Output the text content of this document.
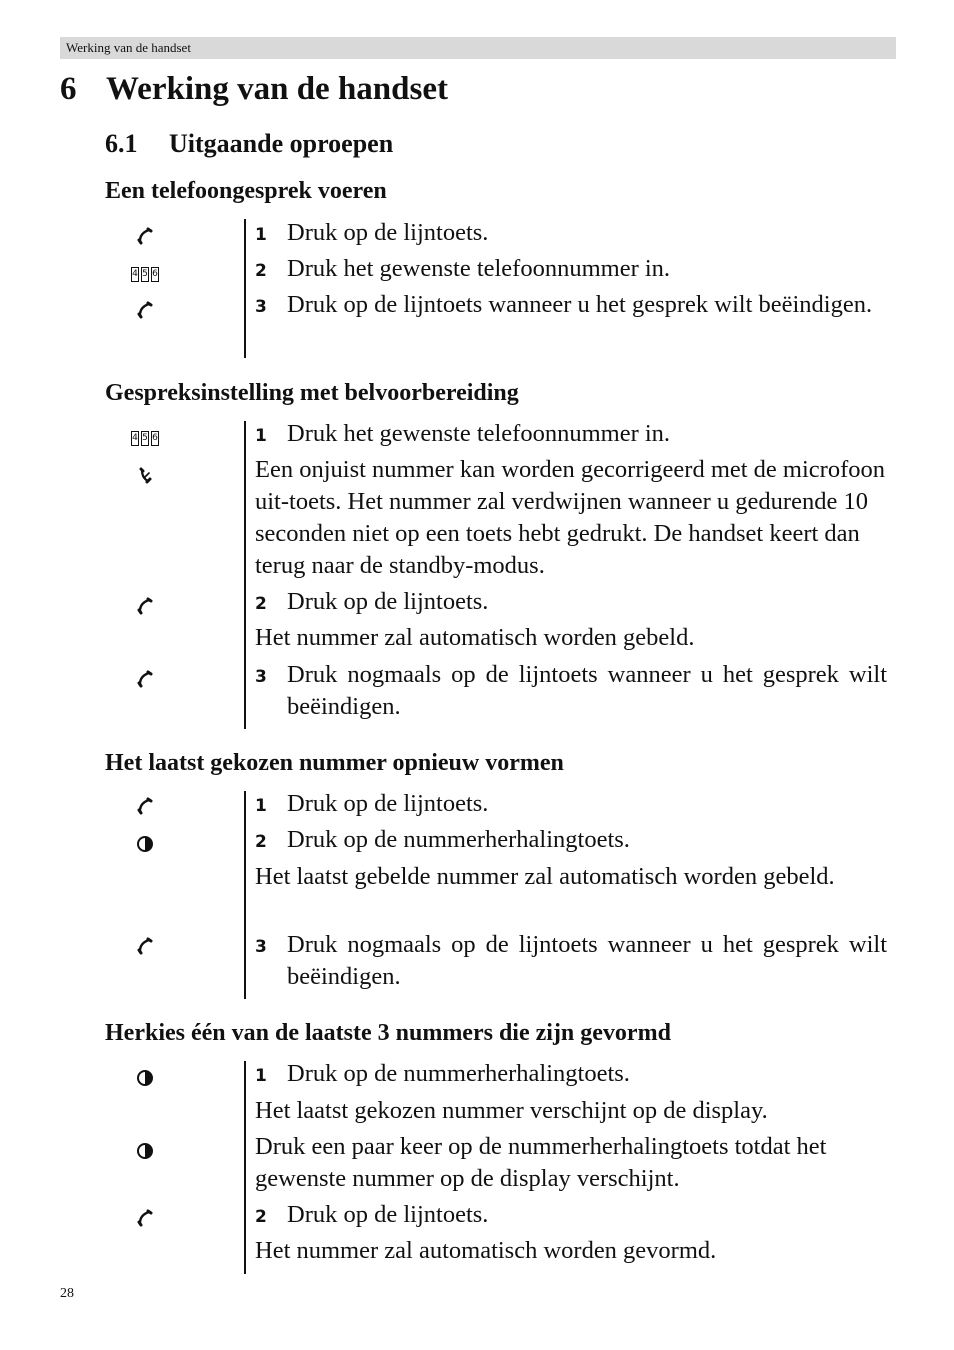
Werking van de handset
6 Werking van de handset
6.1 Uitgaande oproepen
Een telefoongesprek voeren
4 5 6
1 Druk op de lijntoets.
2 Druk het gewenste telefoonnummer in.
3 Druk op de lijntoets wanneer u het gesprek wilt beëindigen.
Gespreksinstelling met belvoorbereiding
4 5 6	1 Druk het gewenste telefoonnummer in.
Een onjuist nummer kan worden gecorrigeerd met de microfoon uit-toets. Het nummer zal verdwijnen wanneer u gedurende 10 seconden niet op een toets hebt gedrukt. De handset keert dan terug naar de standby-modus.
2 Druk op de lijntoets.
Het nummer zal automatisch worden gebeld.
3 Druk nogmaals op de lijntoets wanneer u het gesprek wilt beëindigen.
Het laatst gekozen nummer opnieuw vormen
1 Druk op de lijntoets.
2 Druk op de nummerherhalingtoets.
Het laatst gebelde nummer zal automatisch worden gebeld.
3 Druk nogmaals op de lijntoets wanneer u het gesprek wilt beëindigen.
Herkies één van de laatste 3 nummers die zijn gevormd
1 Druk op de nummerherhalingtoets.
Het laatst gekozen nummer verschijnt op de display.
Druk een paar keer op de nummerherhalingtoets totdat het gewenste nummer op de display verschijnt.
2 Druk op de lijntoets.
Het nummer zal automatisch worden gevormd.
28
